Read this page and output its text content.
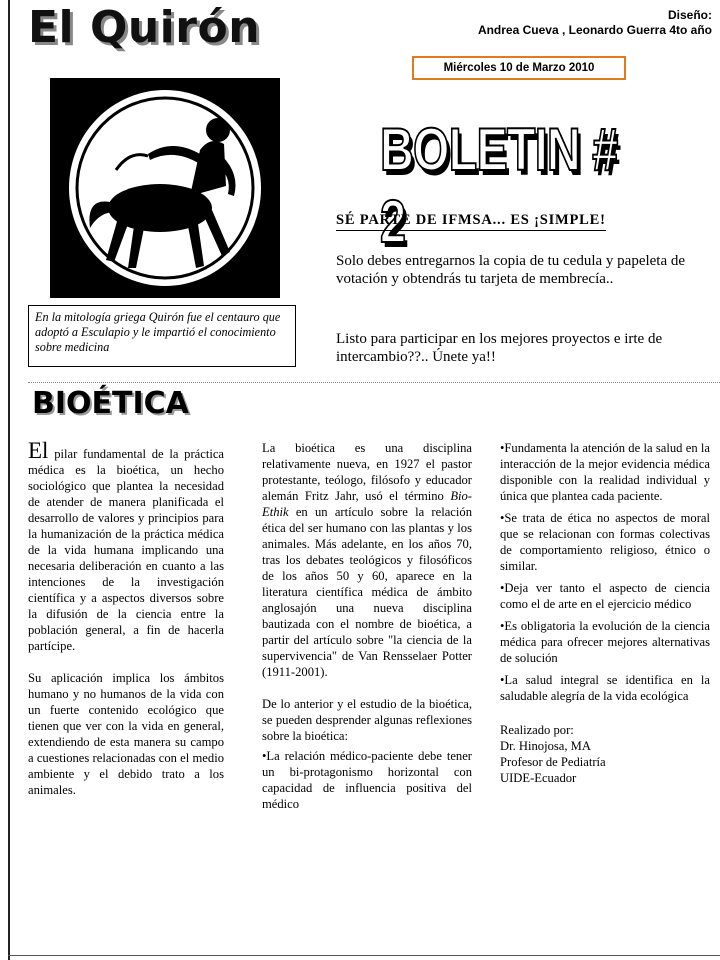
El Quirón	Diseño:
Andrea Cueva , Leonardo Guerra 4to año
Miércoles 10 de Marzo 2010
En la mitología griega Quirón fue el centauro que adoptó a Esculapio y le impartió el conocimiento sobre medicina
BOLETIN # 2
SÉ PARTE DE IFMSA... ES ¡SIMPLE!
Solo debes entregarnos la copia de tu cedula y papeleta de votación y obtendrás tu tarjeta de membrecía..
Listo para participar en los mejores proyectos e irte de intercambio??.. Únete ya!!
BIOÉTICA

El pilar fundamental de la práctica médica es la bioética, un hecho sociológico que plantea la necesidad de atender de manera planificada el desarrollo de valores y principios para la humanización de la práctica médica de la vida humana implicando una necesaria deliberación en cuanto a las intenciones de la investigación científica y a aspectos diversos sobre la difusión de la ciencia entre la población general, a fin de hacerla partícipe.

Su aplicación implica los ámbitos humano y no humanos de la vida con un fuerte contenido ecológico que tienen que ver con la vida en general, extendiendo de esta manera su campo a cuestiones relacionadas con el medio ambiente y el debido trato a los animales.

La bioética es una disciplina relativamente nueva, en 1927 el pastor protestante, teólogo, filósofo y educador alemán Fritz Jahr, usó el término Bio-Ethik en un artículo sobre la relación ética del ser humano con las plantas y los animales. Más adelante, en los años 70, tras los debates teológicos y filosóficos de los años 50 y 60, aparece en la literatura científica médica de ámbito anglosajón una nueva disciplina bautizada con el nombre de bioética, a partir del artículo sobre "la ciencia de la supervivencia" de Van Rensselaer Potter (1911-2001).

De lo anterior y el estudio de la bioética, se pueden desprender algunas reflexiones sobre la bioética:

•La relación médico-paciente debe tener un bi-protagonismo horizontal con capacidad de influencia positiva del médico

•Fundamenta la atención de la salud en la interacción de la mejor evidencia médica disponible con la realidad individual y única que plantea cada paciente.

•Se trata de ética no aspectos de moral que se relacionan con formas colectivas de comportamiento religioso, étnico o similar.

•Deja ver tanto el aspecto de ciencia como el de arte en el ejercicio médico

•Es obligatoria la evolución de la ciencia médica para ofrecer mejores alternativas de solución

•La salud integral se identifica en la saludable alegría de la vida ecológica

Realizado por:
Dr. Hinojosa, MA
Profesor de Pediatría
UIDE-Ecuador
